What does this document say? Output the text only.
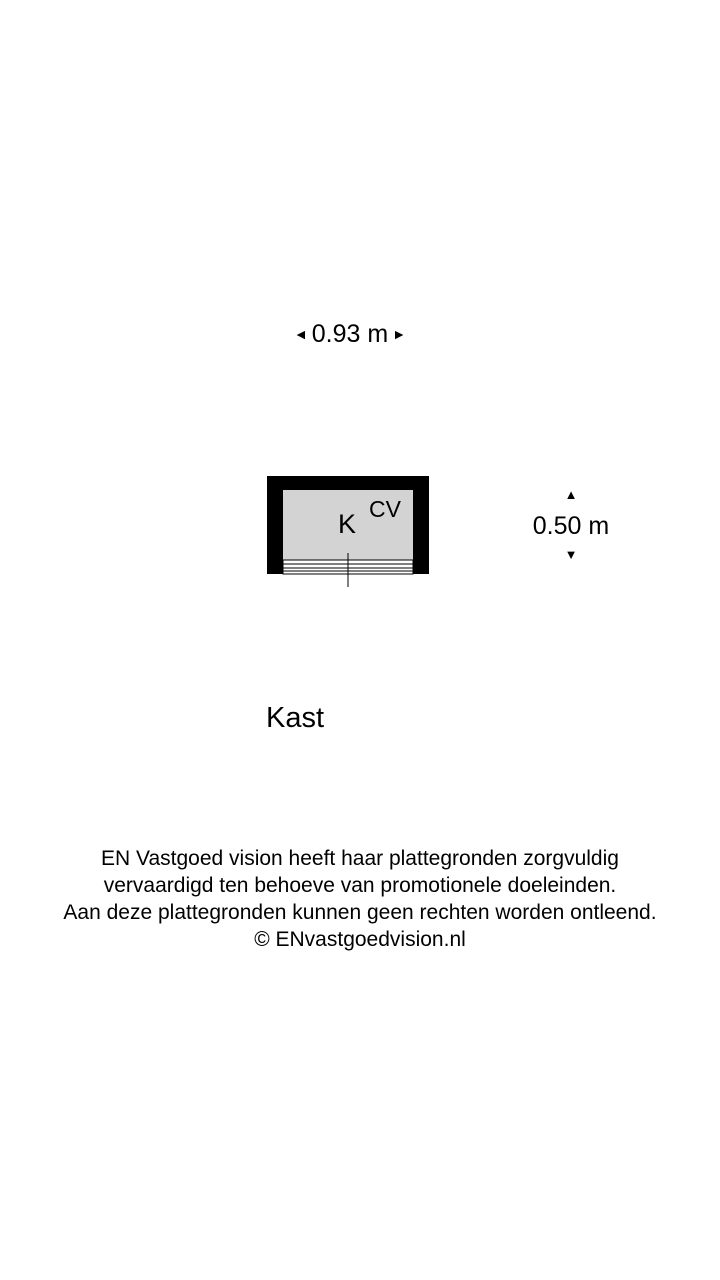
◄ 0.93 m ►
K CV
▲
0.50 m
▼
Kast
EN Vastgoed vision heeft haar plattegronden zorgvuldig
vervaardigd ten behoeve van promotionele doeleinden.
Aan deze plattegronden kunnen geen rechten worden ontleend.
© ENvastgoedvision.nl
